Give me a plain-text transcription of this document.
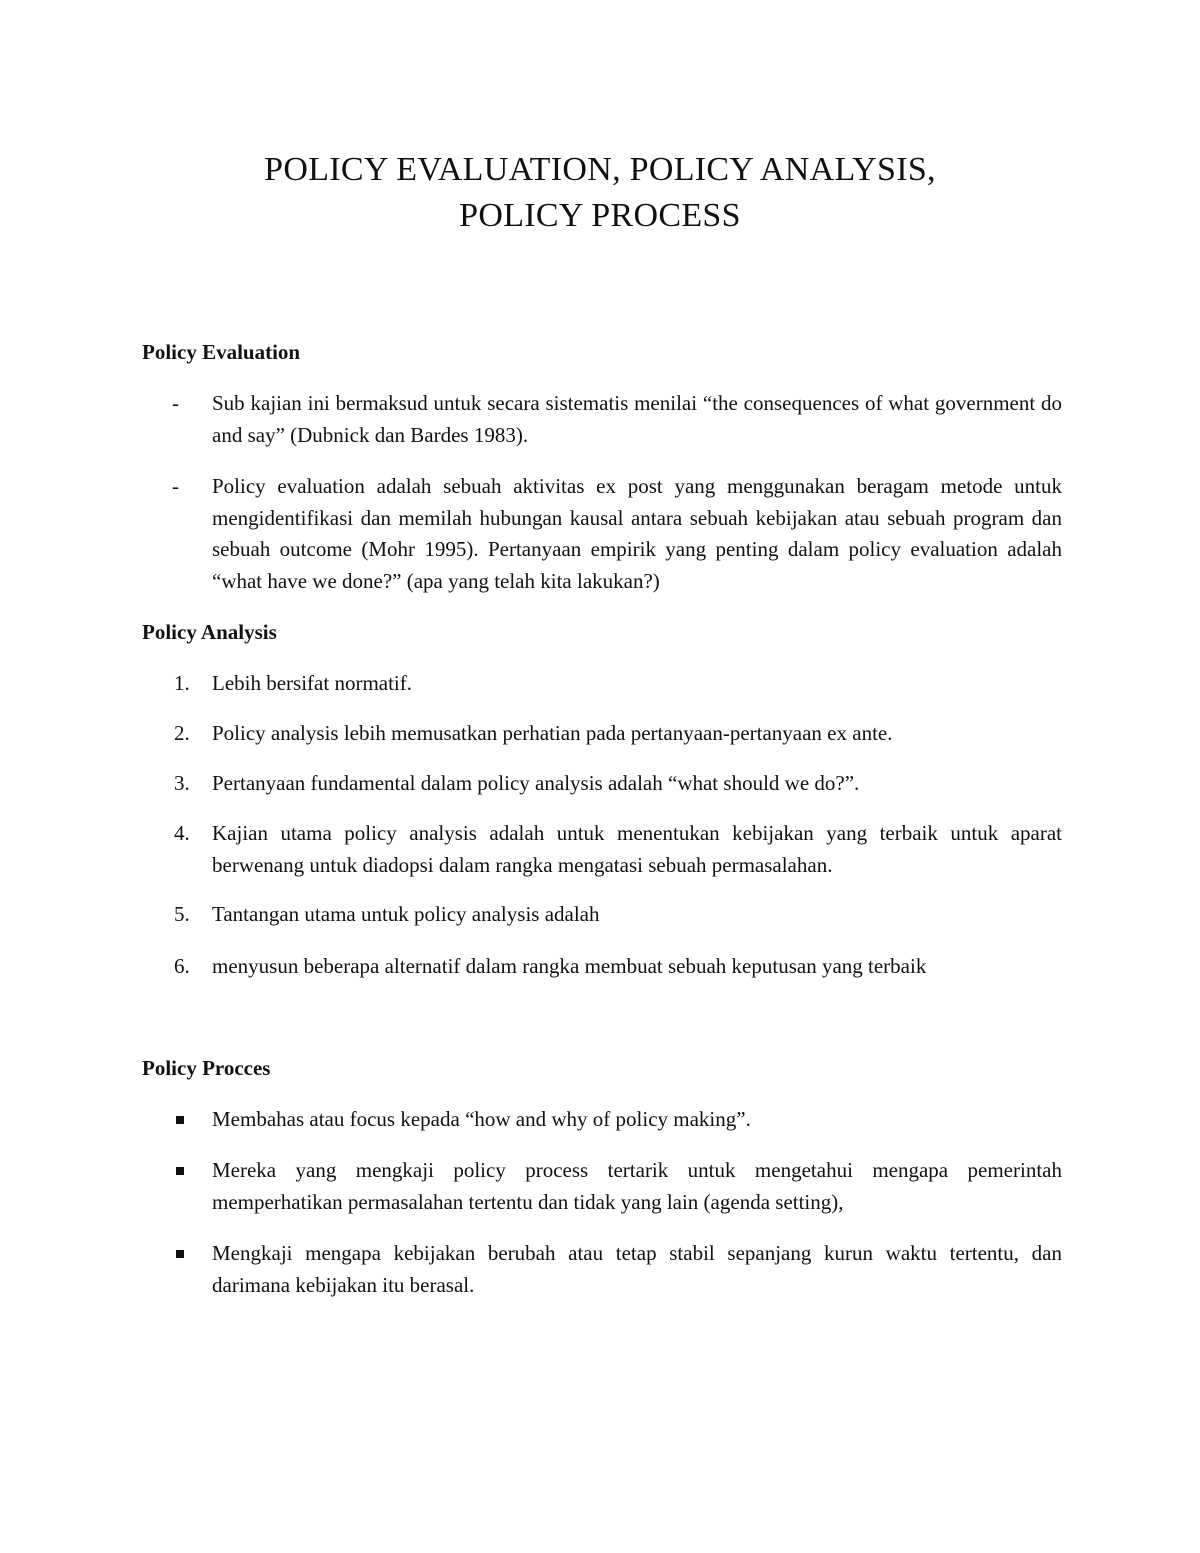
POLICY EVALUATION, POLICY ANALYSIS,
POLICY PROCESS
Policy Evaluation
-	Sub kajian ini bermaksud untuk secara sistematis menilai “the consequences of what government do and say” (Dubnick dan Bardes 1983).
-	Policy evaluation adalah sebuah aktivitas ex post yang menggunakan beragam metode untuk mengidentifikasi dan memilah hubungan kausal antara sebuah kebijakan atau sebuah program dan sebuah outcome (Mohr 1995). Pertanyaan empirik yang penting dalam policy evaluation adalah “what have we done?” (apa yang telah kita lakukan?)
Policy Analysis
1.	Lebih bersifat normatif.
2.	Policy analysis lebih memusatkan perhatian pada pertanyaan-pertanyaan ex ante.
3.	Pertanyaan fundamental dalam policy analysis adalah “what should we do?”.
4.	Kajian utama policy analysis adalah untuk menentukan kebijakan yang terbaik untuk aparat berwenang untuk diadopsi dalam rangka mengatasi sebuah permasalahan.
5.	Tantangan utama untuk policy analysis adalah
6.	menyusun beberapa alternatif dalam rangka membuat sebuah keputusan yang terbaik
Policy Procces
Membahas atau focus kepada “how and why of policy making”.
Mereka yang mengkaji policy process tertarik untuk mengetahui mengapa pemerintah memperhatikan permasalahan tertentu dan tidak yang lain (agenda setting),
Mengkaji mengapa kebijakan berubah atau tetap stabil sepanjang kurun waktu tertentu, dan darimana kebijakan itu berasal.
